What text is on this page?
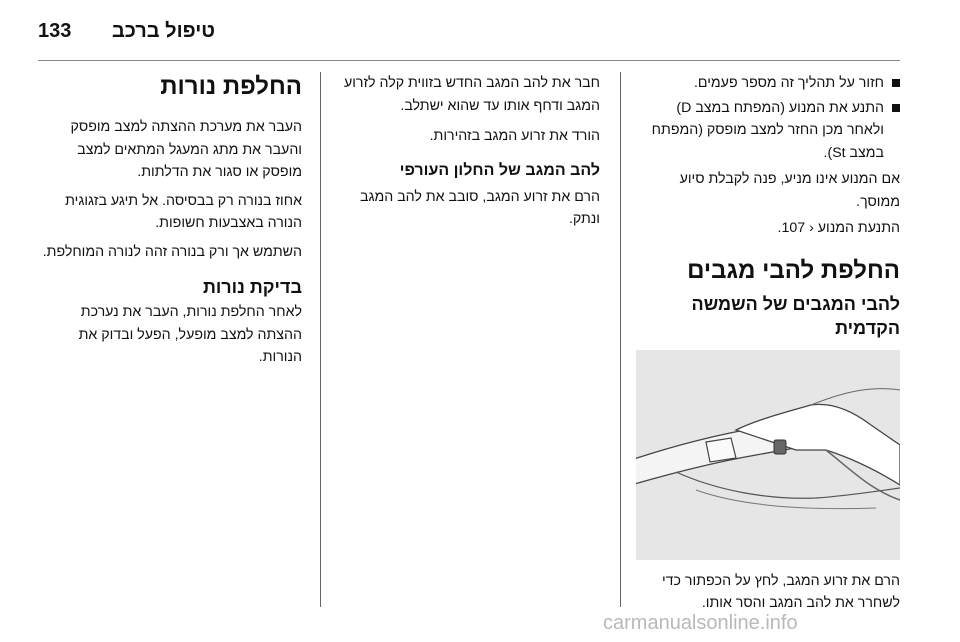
133 טיפול ברכב

חזור על תהליך זה מספר פעמים.

התנע את המנוע (המפתח במצב D) ולאחר מכן החזר למצב מופסק (המפתח במצב St).

אם המנוע אינו מניע, פנה לקבלת סיוע ממוסך.

התנעת המנוע ‹ 107.

החלפת להבי מגבים

להבי המגבים של השמשה הקדמית

הרם את זרוע המגב, לחץ על הכפתור כדי לשחרר את להב המגב והסר אותו.

חבר את להב המגב החדש בזווית קלה לזרוע המגב ודחף אותו עד שהוא ישתלב.

הורד את זרוע המגב בזהירות.

להב המגב של החלון העורפי

הרם את זרוע המגב, סובב את להב המגב ונתק.

החלפת נורות

העבר את מערכת ההצתה למצב מופסק והעבר את מתג המעגל המתאים למצב מופסק או סגור את הדלתות.

אחוז בנורה רק בבסיסה. אל תיגע בזגוגית הנורה באצבעות חשופות.

השתמש אך ורק בנורה זהה לנורה המוחלפת.

בדיקת נורות

לאחר החלפת נורות, העבר את נערכת ההצתה למצב מופעל, הפעל ובדוק את הנורות.

carmanualsonline.info
